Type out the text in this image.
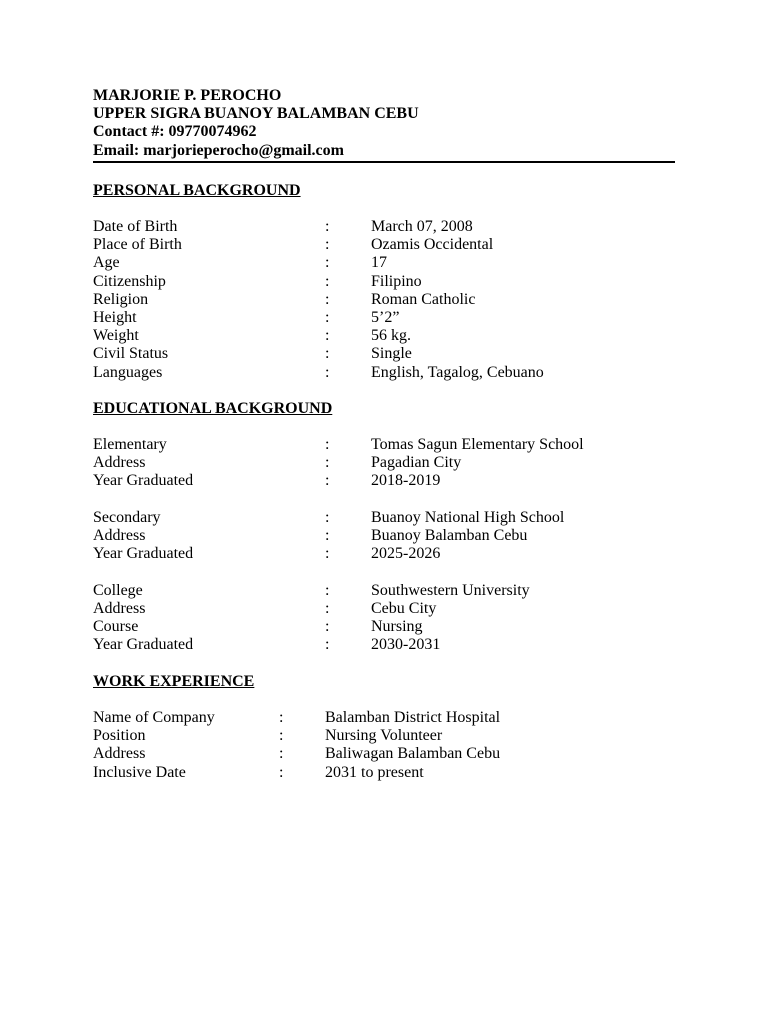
MARJORIE P. PEROCHO
UPPER SIGRA BUANOY BALAMBAN CEBU
Contact #: 09770074962
Email: marjorieperocho@gmail.com
PERSONAL BACKGROUND
Date of Birth	:	March 07, 2008
Place of Birth	:	Ozamis Occidental
Age	:	17
Citizenship	:	Filipino
Religion	:	Roman Catholic
Height	:	5’2”
Weight	:	56 kg.
Civil Status	:	Single
Languages	:	English, Tagalog, Cebuano
EDUCATIONAL BACKGROUND
Elementary	:	Tomas Sagun Elementary School
Address	:	Pagadian City
Year Graduated	:	2018-2019
Secondary	:	Buanoy National High School
Address	:	Buanoy Balamban Cebu
Year Graduated	:	2025-2026
College	:	Southwestern University
Address	:	Cebu City
Course	:	Nursing
Year Graduated	:	2030-2031
WORK EXPERIENCE
Name of Company	:	Balamban District Hospital
Position	:	Nursing Volunteer
Address	:	Baliwagan Balamban Cebu
Inclusive Date	:	2031 to present
